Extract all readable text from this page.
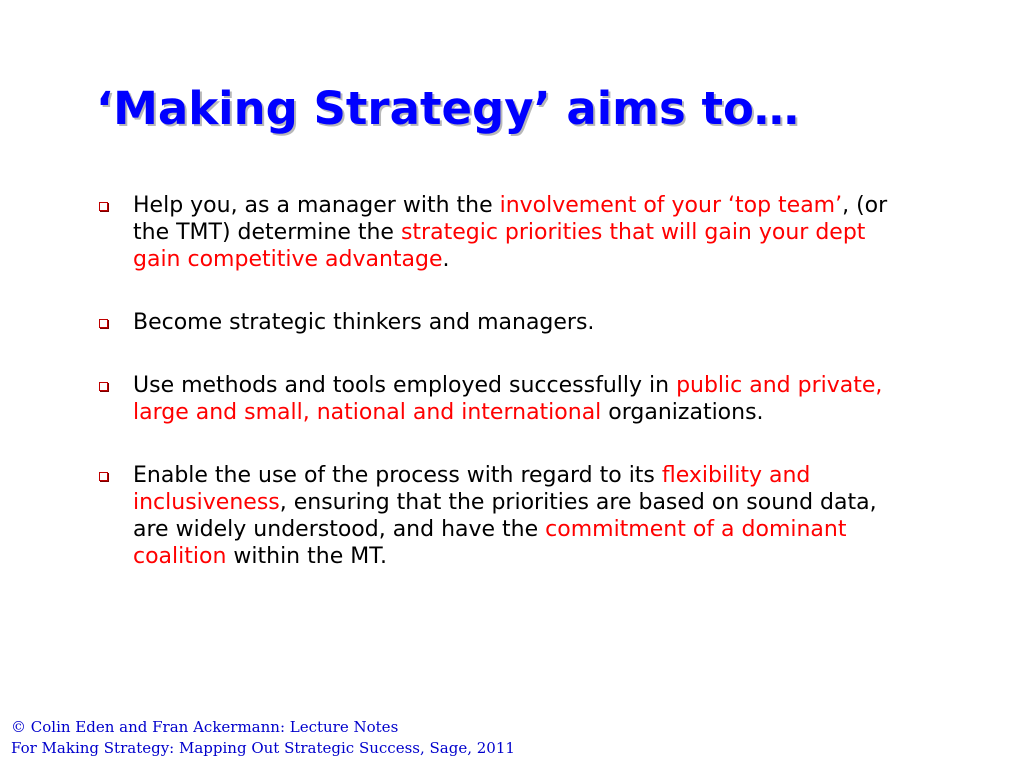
‘Making Strategy’ aims to…
Help you, as a manager with the involvement of your ‘top team’, (or the TMT) determine the strategic priorities that will gain your dept gain competitive advantage.
Become strategic thinkers and managers.
Use methods and tools employed successfully in public and private, large and small, national and international organizations.
Enable the use of the process with regard to its flexibility and inclusiveness, ensuring that the priorities are based on sound data, are widely understood, and have the commitment of a dominant coalition within the MT.
© Colin Eden and Fran Ackermann: Lecture Notes
For Making Strategy: Mapping Out Strategic Success, Sage, 2011
